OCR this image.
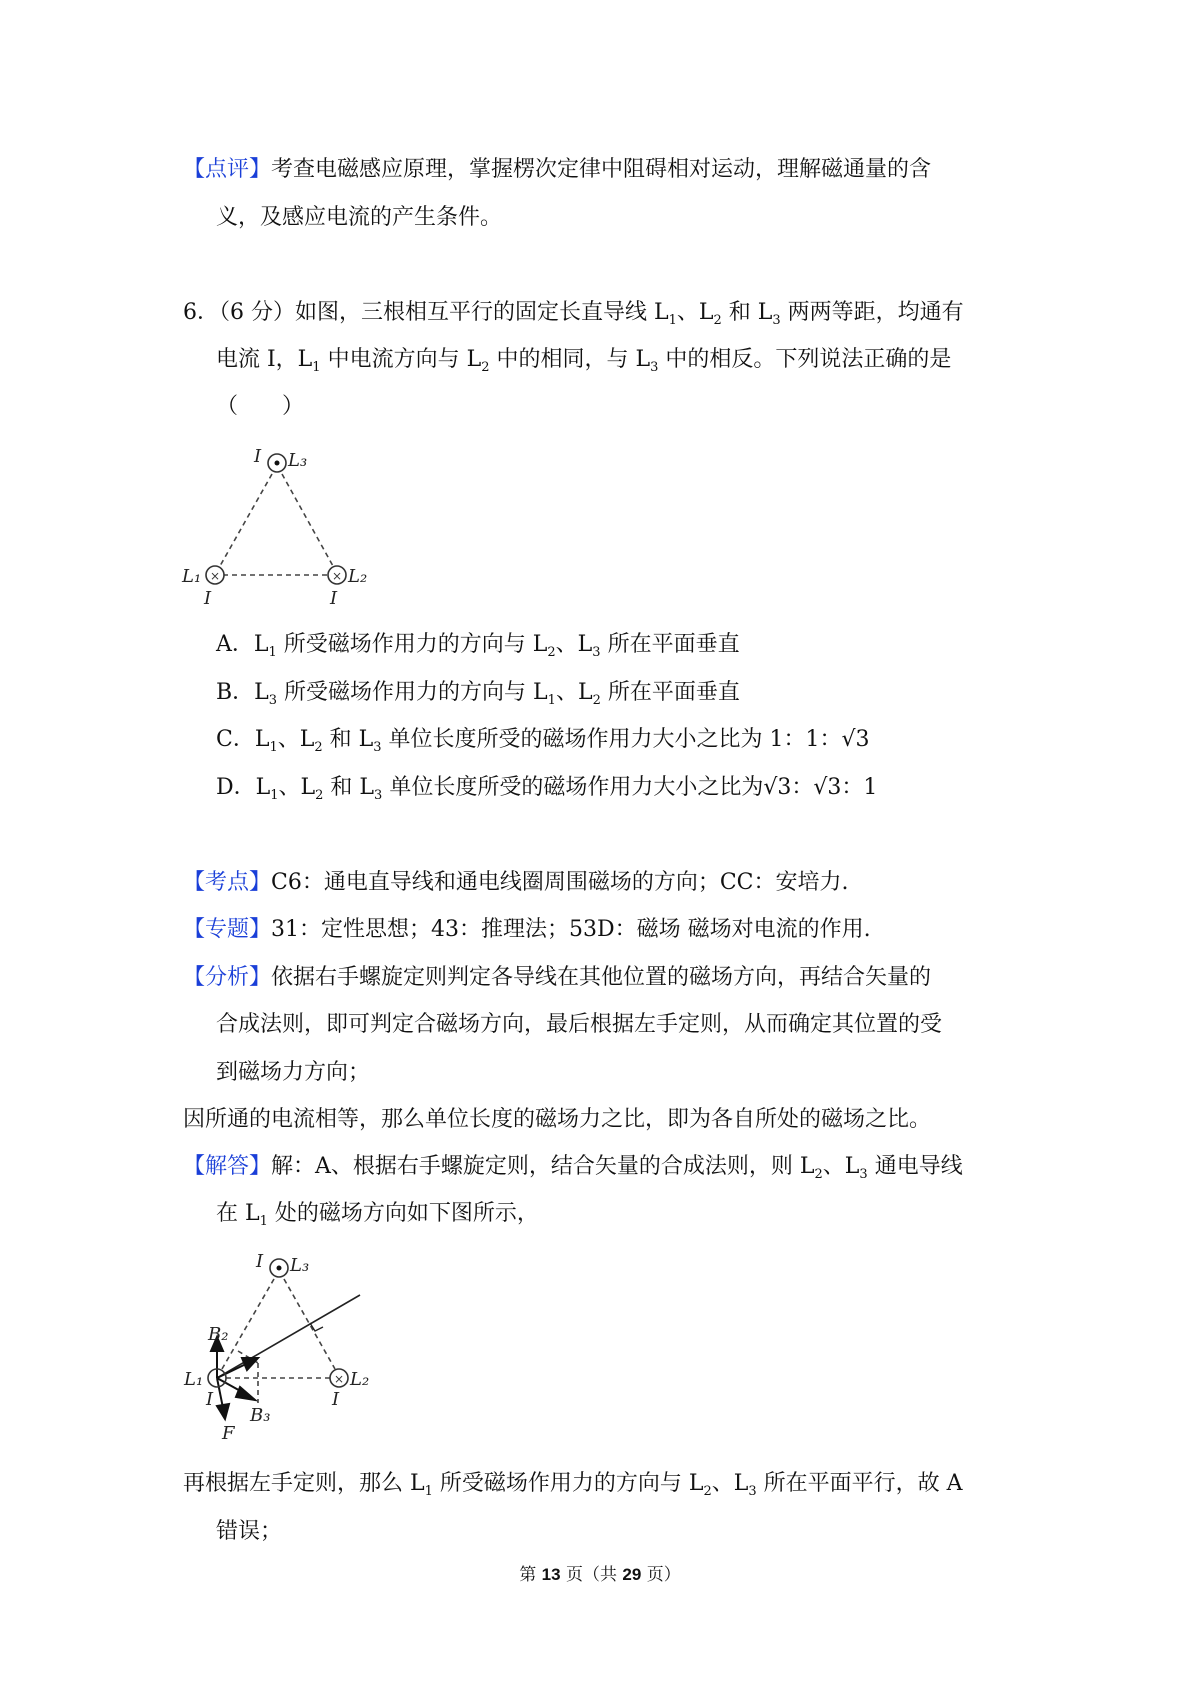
【点评】考查电磁感应原理，掌握楞次定律中阻碍相对运动，理解磁通量的含
义，及感应电流的产生条件。
6．（6 分）如图，三根相互平行的固定长直导线 $L_1$、$L_2$ 和 $L_3$ 两两等距，均通有
电流 I，$L_1$ 中电流方向与 $L_2$ 中的相同，与 $L_3$ 中的相反。下列说法正确的是
（　　）
×	×
I L₃
L₁
I
L₂
I
A．$L_1$ 所受磁场作用力的方向与 $L_2$、$L_3$ 所在平面垂直
B．$L_3$ 所受磁场作用力的方向与 $L_1$、$L_2$ 所在平面垂直
C．$L_1$、$L_2$ 和 $L_3$ 单位长度所受的磁场作用力大小之比为 1：1：√3
D．$L_1$、$L_2$ 和 $L_3$ 单位长度所受的磁场作用力大小之比为√3：√3：1
【考点】C6：通电直导线和通电线圈周围磁场的方向；CC：安培力.
【专题】31：定性思想；43：推理法；53D：磁场 磁场对电流的作用.
【分析】依据右手螺旋定则判定各导线在其他位置的磁场方向，再结合矢量的
合成法则，即可判定合磁场方向，最后根据左手定则，从而确定其位置的受
到磁场力方向；
因所通的电流相等，那么单位长度的磁场力之比，即为各自所处的磁场之比。
【解答】解：A、根据右手螺旋定则，结合矢量的合成法则，则 $L_2$、$L_3$ 通电导线
在 $L_1$ 处的磁场方向如下图所示，
×
I L₃
L₁
I
L₂
I
B₂
B₃
F
再根据左手定则，那么 $L_1$ 所受磁场作用力的方向与 $L_2$、$L_3$ 所在平面平行，故 A
错误；
第 13 页（共 29 页）
